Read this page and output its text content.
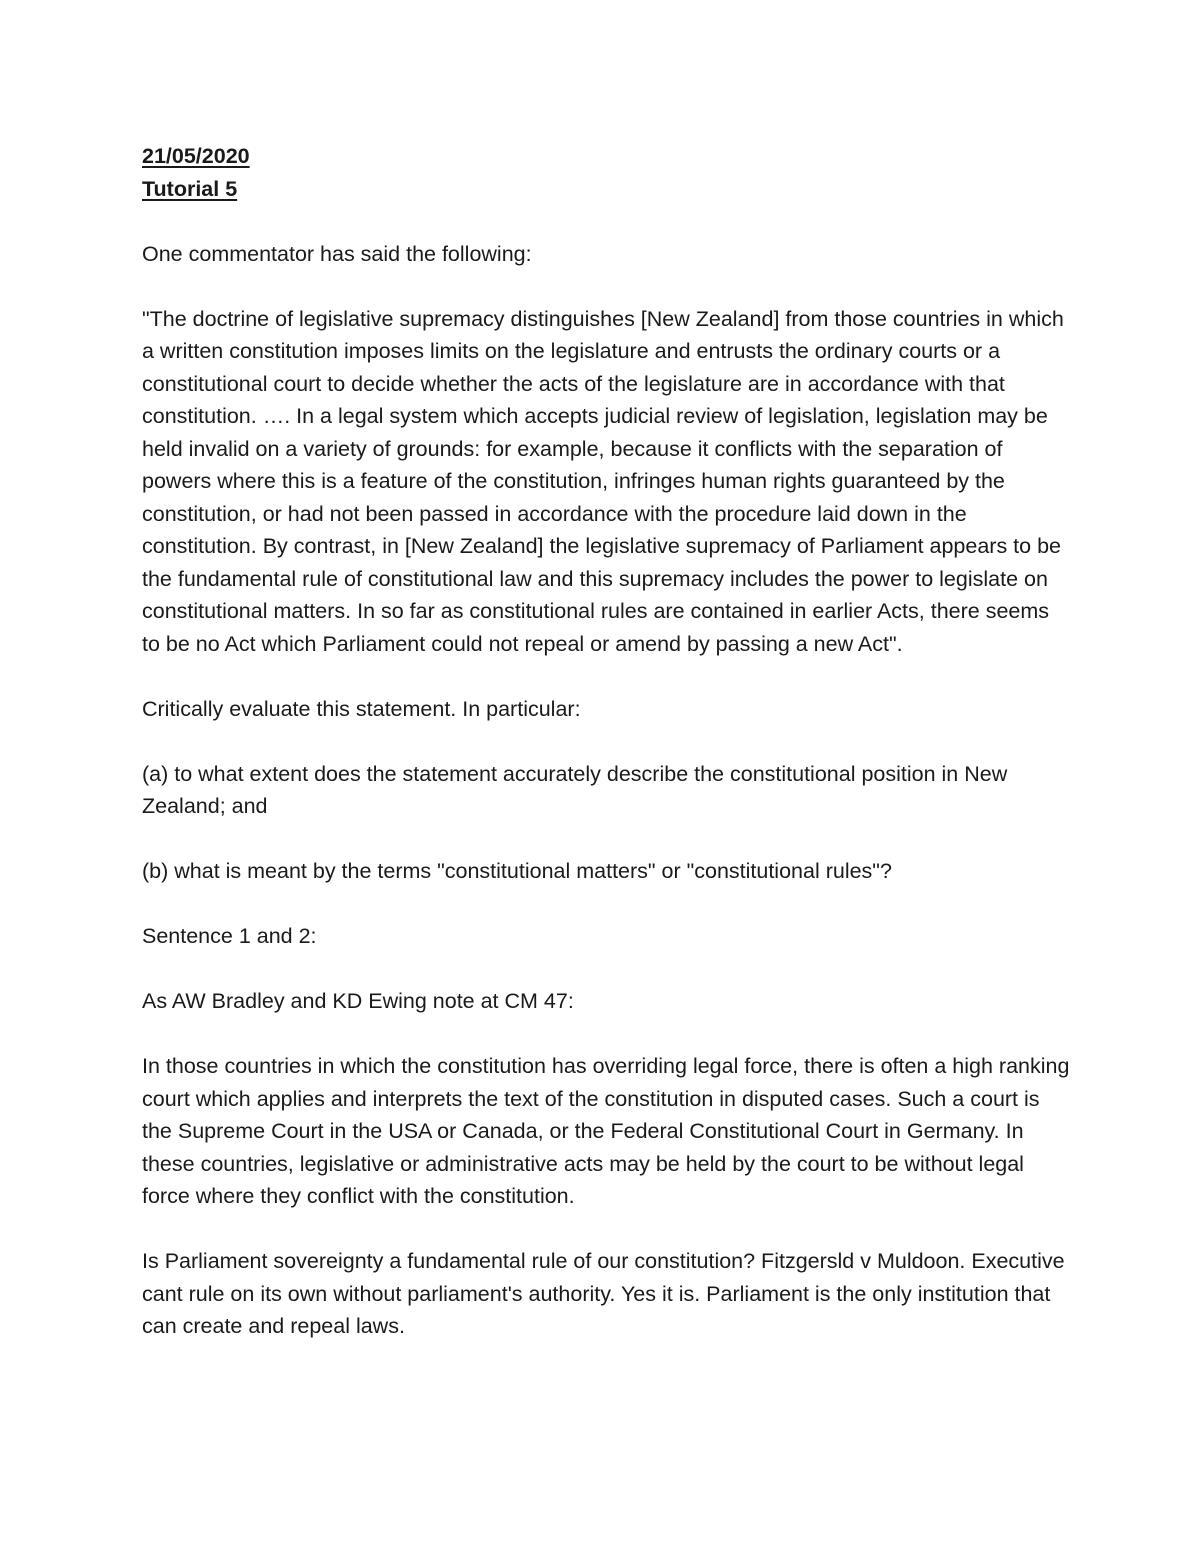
21/05/2020
Tutorial 5

One commentator has said the following:

"The doctrine of legislative supremacy distinguishes [New Zealand] from those countries in which a written constitution imposes limits on the legislature and entrusts the ordinary courts or a constitutional court to decide whether the acts of the legislature are in accordance with that constitution. …. In a legal system which accepts judicial review of legislation, legislation may be held invalid on a variety of grounds: for example, because it conflicts with the separation of powers where this is a feature of the constitution, infringes human rights guaranteed by the constitution, or had not been passed in accordance with the procedure laid down in the constitution. By contrast, in [New Zealand] the legislative supremacy of Parliament appears to be the fundamental rule of constitutional law and this supremacy includes the power to legislate on constitutional matters. In so far as constitutional rules are contained in earlier Acts, there seems to be no Act which Parliament could not repeal or amend by passing a new Act".

Critically evaluate this statement. In particular:

(a) to what extent does the statement accurately describe the constitutional position in New Zealand; and

(b) what is meant by the terms "constitutional matters" or "constitutional rules"?

Sentence 1 and 2:

As AW Bradley and KD Ewing note at CM 47:

In those countries in which the constitution has overriding legal force, there is often a high ranking court which applies and interprets the text of the constitution in disputed cases. Such a court is the Supreme Court in the USA or Canada, or the Federal Constitutional Court in Germany. In these countries, legislative or administrative acts may be held by the court to be without legal force where they conflict with the constitution.

Is Parliament sovereignty a fundamental rule of our constitution? Fitzgersld v Muldoon. Executive cant rule on its own without parliament's authority. Yes it is. Parliament is the only institution that can create and repeal laws.
